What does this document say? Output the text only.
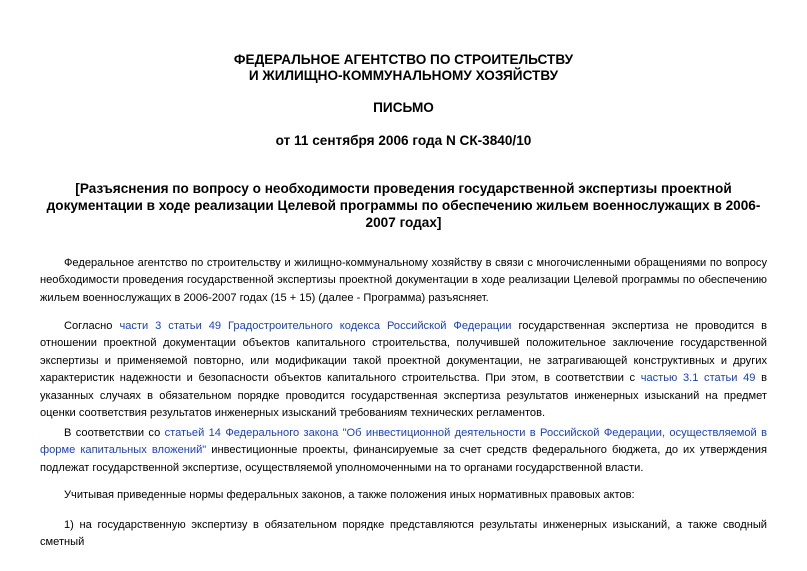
ФЕДЕРАЛЬНОЕ АГЕНТСТВО ПО СТРОИТЕЛЬСТВУ
И ЖИЛИЩНО-КОММУНАЛЬНОМУ ХОЗЯЙСТВУ
ПИСЬМО
от 11 сентября 2006 года N СК-3840/10
[Разъяснения по вопросу о необходимости проведения государственной экспертизы проектной
документации в ходе реализации Целевой программы по обеспечению жильем военнослужащих в 2006-
2007 годах]

Федеральное агентство по строительству и жилищно-коммунальному хозяйству в связи с многочисленными обращениями по вопросу необходимости проведения государственной экспертизы проектной документации в ходе реализации Целевой программы по обеспечению жильем военнослужащих в 2006-2007 годах (15 + 15) (далее - Программа) разъясняет.

Согласно части 3 статьи 49 Градостроительного кодекса Российской Федерации государственная экспертиза не проводится в отношении проектной документации объектов капитального строительства, получившей положительное заключение государственной экспертизы и применяемой повторно, или модификации такой проектной документации, не затрагивающей конструктивных и других характеристик надежности и безопасности объектов капитального строительства. При этом, в соответствии с частью 3.1 статьи 49 в указанных случаях в обязательном порядке проводится государственная экспертиза результатов инженерных изысканий на предмет оценки соответствия результатов инженерных изысканий требованиям технических регламентов.

В соответствии со статьей 14 Федерального закона "Об инвестиционной деятельности в Российской Федерации, осуществляемой в форме капитальных вложений" инвестиционные проекты, финансируемые за счет средств федерального бюджета, до их утверждения подлежат государственной экспертизе, осуществляемой уполномоченными на то органами государственной власти.

Учитывая приведенные нормы федеральных законов, а также положения иных нормативных правовых актов:

1) на государственную экспертизу в обязательном порядке представляются результаты инженерных изысканий, а также сводный сметный
